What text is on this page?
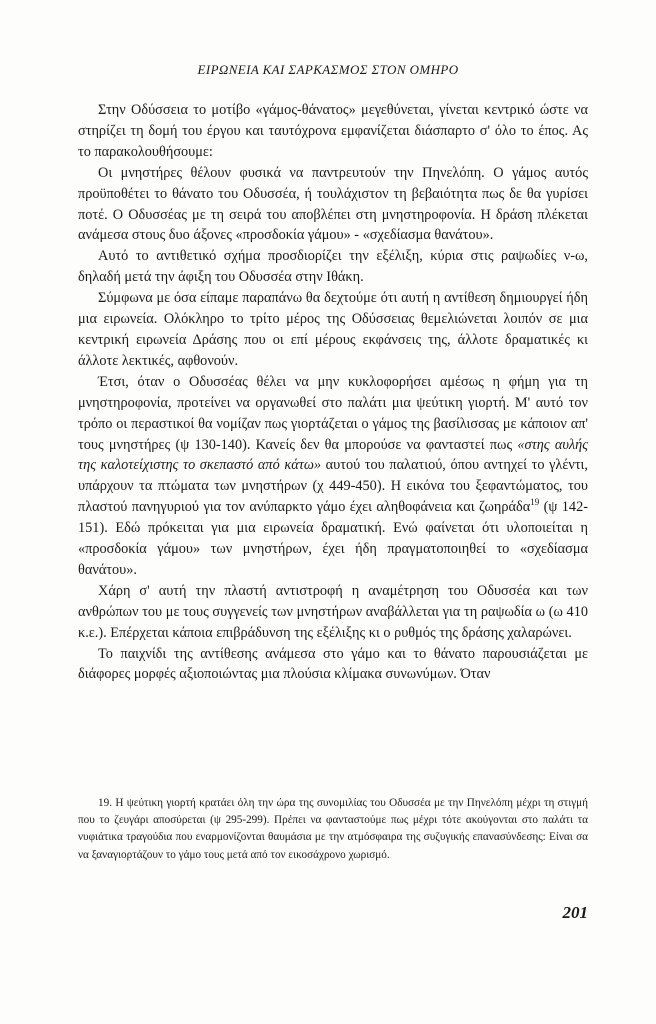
ΕΙΡΩΝΕΙΑ ΚΑΙ ΣΑΡΚΑΣΜΟΣ ΣΤΟΝ ΟΜΗΡΟ

Στην Οδύσσεια το μοτίβο «γάμος-θάνατος» μεγεθύνεται, γίνεται κεντρικό ώστε να στηρίζει τη δομή του έργου και ταυτόχρονα εμφανίζεται διάσπαρτο σ' όλο το έπος. Ας το παρακολουθήσουμε:

Οι μνηστήρες θέλουν φυσικά να παντρευτούν την Πηνελόπη. Ο γάμος αυτός προϋποθέτει το θάνατο του Οδυσσέα, ή τουλάχιστον τη βεβαιότητα πως δε θα γυρίσει ποτέ. Ο Οδυσσέας με τη σειρά του αποβλέπει στη μνηστηροφονία. Η δράση πλέκεται ανάμεσα στους δυο άξονες «προσδοκία γάμου» - «σχεδίασμα θανάτου».

Αυτό το αντιθετικό σχήμα προσδιορίζει την εξέλιξη, κύρια στις ραψωδίες ν-ω, δηλαδή μετά την άφιξη του Οδυσσέα στην Ιθάκη.

Σύμφωνα με όσα είπαμε παραπάνω θα δεχτούμε ότι αυτή η αντίθεση δημιουργεί ήδη μια ειρωνεία. Ολόκληρο το τρίτο μέρος της Οδύσσειας θεμελιώνεται λοιπόν σε μια κεντρική ειρωνεία Δράσης που οι επί μέρους εκφάνσεις της, άλλοτε δραματικές κι άλλοτε λεκτικές, αφθονούν.

Έτσι, όταν ο Οδυσσέας θέλει να μην κυκλοφορήσει αμέσως η φήμη για τη μνηστηροφονία, προτείνει να οργανωθεί στο παλάτι μια ψεύτικη γιορτή. Μ' αυτό τον τρόπο οι περαστικοί θα νομίζαν πως γιορτάζεται ο γάμος της βασίλισσας με κάποιον απ' τους μνηστήρες (ψ 130-140). Κανείς δεν θα μπορούσε να φανταστεί πως «στης αυλής της καλοτείχιστης το σκεπαστό από κάτω» αυτού του παλατιού, όπου αντηχεί το γλέντι, υπάρχουν τα πτώματα των μνηστήρων (χ 449-450). Η εικόνα του ξεφαντώματος, του πλαστού πανηγυριού για τον ανύπαρκτο γάμο έχει αληθοφάνεια και ζωηράδα$^{19}$ (ψ 142-151). Εδώ πρόκειται για μια ειρωνεία δραματική. Ενώ φαίνεται ότι υλοποιείται η «προσδοκία γάμου» των μνηστήρων, έχει ήδη πραγματοποιηθεί το «σχεδίασμα θανάτου».

Χάρη σ' αυτή την πλαστή αντιστροφή η αναμέτρηση του Οδυσσέα και των ανθρώπων του με τους συγγενείς των μνηστήρων αναβάλλεται για τη ραψωδία ω (ω 410 κ.ε.). Επέρχεται κάποια επιβράδυνση της εξέλιξης κι ο ρυθμός της δράσης χαλαρώνει.

Το παιχνίδι της αντίθεσης ανάμεσα στο γάμο και το θάνατο παρουσιάζεται με διάφορες μορφές αξιοποιώντας μια πλούσια κλίμακα συνωνύμων. Όταν

19. Η ψεύτικη γιορτή κρατάει όλη την ώρα της συνομιλίας του Οδυσσέα με την Πηνελόπη μέχρι τη στιγμή που το ζευγάρι αποσύρεται (ψ 295-299). Πρέπει να φανταστούμε πως μέχρι τότε ακούγονται στο παλάτι τα νυφιάτικα τραγούδια που εναρμονίζονται θαυμάσια με την ατμόσφαιρα της συζυγικής επανασύνδεσης: Είναι σα να ξαναγιορτάζουν το γάμο τους μετά από τον εικοσάχρονο χωρισμό.

201
